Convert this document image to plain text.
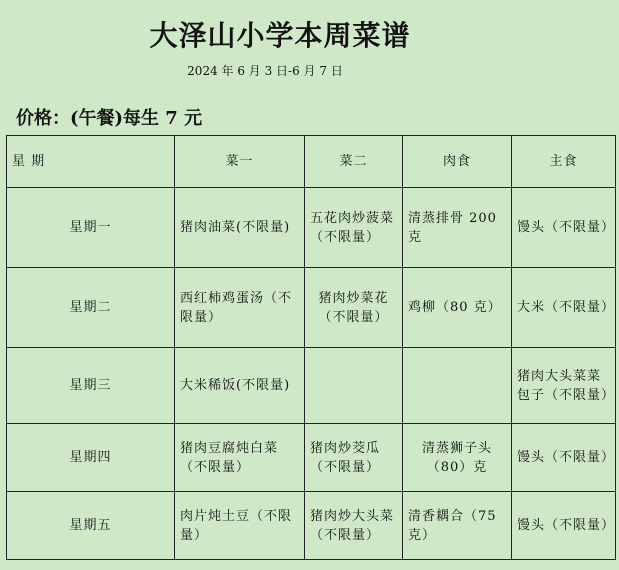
大泽山小学本周菜谱
2024 年 6 月 3 日-6 月 7 日
价格：(午餐)每生 7 元
星 期	菜一	菜二	肉食	主食
星期一	猪肉油菜(不限量)	五花肉炒菠菜（不限量）	清蒸排骨 200 克	馒头（不限量）
星期二	西红柿鸡蛋汤（不限量）	猪肉炒菜花（不限量）	鸡柳（80 克）	大米（不限量）
星期三	大米稀饭(不限量)			猪肉大头菜菜包子（不限量）
星期四	猪肉豆腐炖白菜（不限量）	猪肉炒茭瓜（不限量）	清蒸狮子头（80）克	馒头（不限量）
星期五	肉片炖土豆（不限量）	猪肉炒大头菜（不限量）	清香耦合（75 克）	馒头（不限量）
